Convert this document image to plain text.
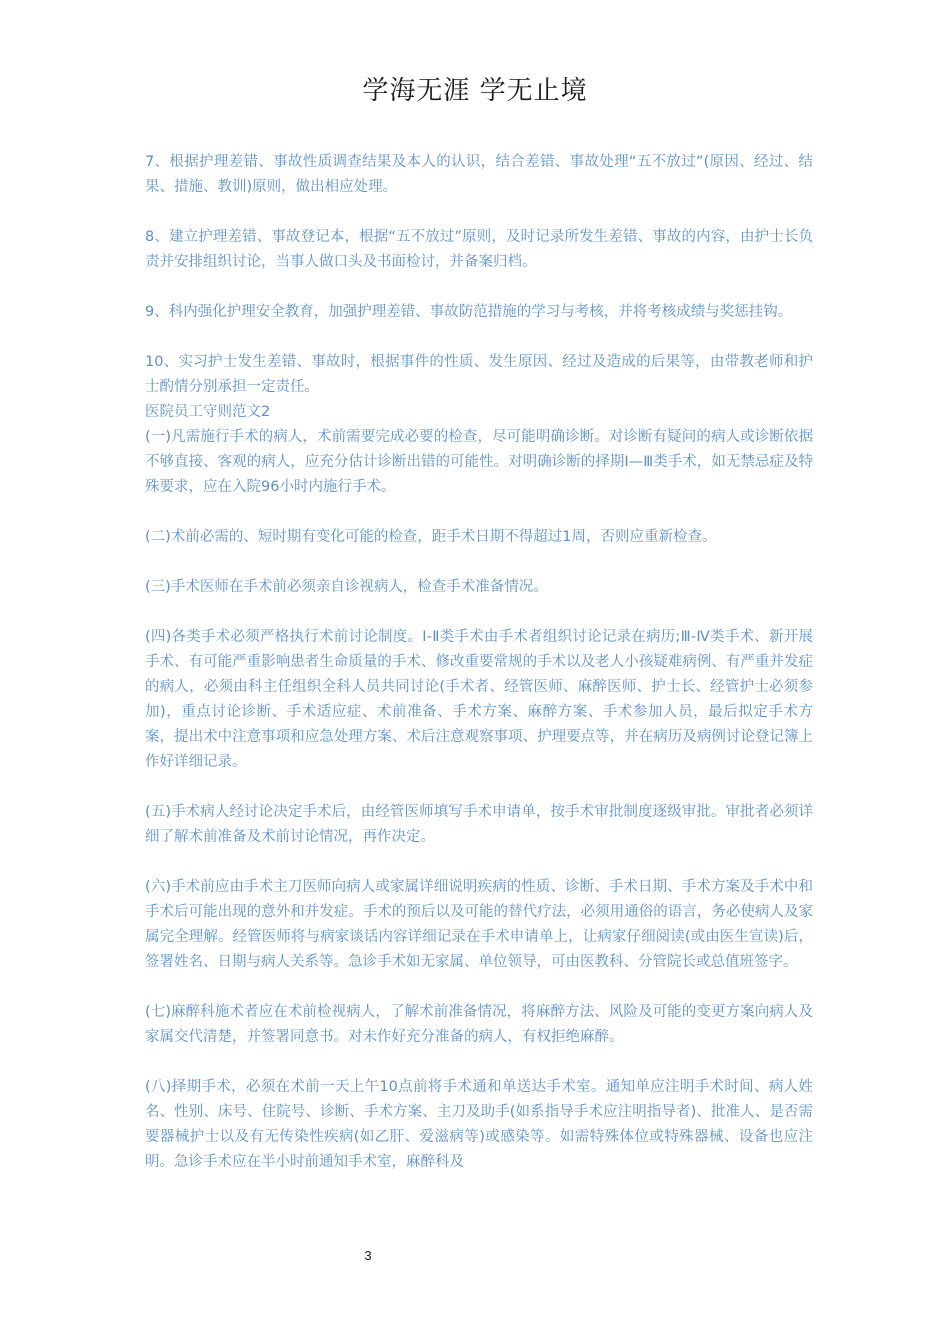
学海无涯 学无止境

7、根据护理差错、事故性质调查结果及本人的认识，结合差错、事故处理“五不放过”(原因、经过、结果、措施、教训)原则，做出相应处理。

8、建立护理差错、事故登记本，根据“五不放过”原则，及时记录所发生差错、事故的内容，由护士长负责并安排组织讨论，当事人做口头及书面检讨，并备案归档。

9、科内强化护理安全教育，加强护理差错、事故防范措施的学习与考核，并将考核成绩与奖惩挂钩。

10、实习护士发生差错、事故时，根据事件的性质、发生原因、经过及造成的后果等，由带教老师和护士酌情分别承担一定责任。

医院员工守则范文2

(一)凡需施行手术的病人，术前需要完成必要的检查，尽可能明确诊断。对诊断有疑问的病人或诊断依据不够直接、客观的病人，应充分估计诊断出错的可能性。对明确诊断的择期Ⅰ—Ⅲ类手术，如无禁忌症及特殊要求，应在入院96小时内施行手术。

(二)术前必需的、短时期有变化可能的检查，距手术日期不得超过1周，否则应重新检查。

(三)手术医师在手术前必须亲自诊视病人，检查手术准备情况。

(四)各类手术必须严格执行术前讨论制度。Ⅰ-Ⅱ类手术由手术者组织讨论记录在病历;Ⅲ-Ⅳ类手术、新开展手术、有可能严重影响患者生命质量的手术、修改重要常规的手术以及老人小孩疑难病例、有严重并发症的病人，必须由科主任组织全科人员共同讨论(手术者、经管医师、麻醉医师、护士长、经管护士必须参加)，重点讨论诊断、手术适应症、术前准备、手术方案、麻醉方案、手术参加人员，最后拟定手术方案，提出术中注意事项和应急处理方案、术后注意观察事项、护理要点等，并在病历及病例讨论登记簿上作好详细记录。

(五)手术病人经讨论决定手术后，由经管医师填写手术申请单，按手术审批制度逐级审批。审批者必须详细了解术前准备及术前讨论情况，再作决定。

(六)手术前应由手术主刀医师向病人或家属详细说明疾病的性质、诊断、手术日期、手术方案及手术中和手术后可能出现的意外和并发症。手术的预后以及可能的替代疗法，必须用通俗的语言，务必使病人及家属完全理解。经管医师将与病家谈话内容详细记录在手术申请单上，让病家仔细阅读(或由医生宣读)后，签署姓名、日期与病人关系等。急诊手术如无家属、单位领导，可由医教科、分管院长或总值班签字。

(七)麻醉科施术者应在术前检视病人，了解术前准备情况，将麻醉方法、风险及可能的变更方案向病人及家属交代清楚，并签署同意书。对未作好充分准备的病人，有权拒绝麻醉。

(八)择期手术，必须在术前一天上午10点前将手术通和单送达手术室。通知单应注明手术时间、病人姓名、性别、床号、住院号、诊断、手术方案、主刀及助手(如系指导手术应注明指导者)、批准人、是否需要器械护士以及有无传染性疾病(如乙肝、爱滋病等)或感染等。如需特殊体位或特殊器械、设备也应注明。急诊手术应在半小时前通知手术室，麻醉科及

3
